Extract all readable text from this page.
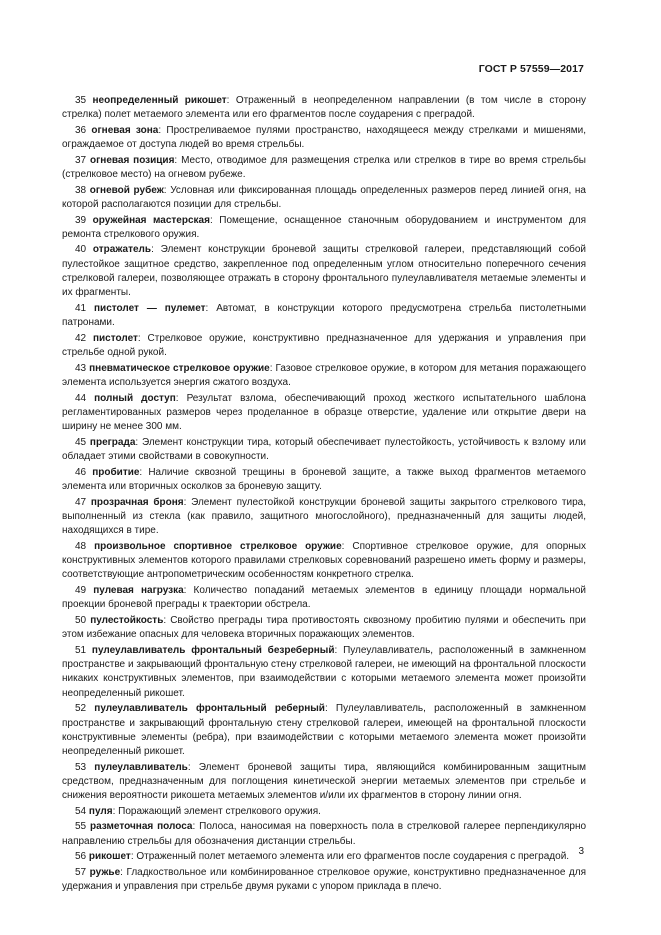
ГОСТ Р 57559—2017

35 неопределенный рикошет: Отраженный в неопределенном направлении (в том числе в сторону стрелка) полет метаемого элемента или его фрагментов после соударения с преградой.

36 огневая зона: Простреливаемое пулями пространство, находящееся между стрелками и мишенями, ограждаемое от доступа людей во время стрельбы.

37 огневая позиция: Место, отводимое для размещения стрелка или стрелков в тире во время стрельбы (стрелковое место) на огневом рубеже.

38 огневой рубеж: Условная или фиксированная площадь определенных размеров перед линией огня, на которой располагаются позиции для стрельбы.

39 оружейная мастерская: Помещение, оснащенное станочным оборудованием и инструментом для ремонта стрелкового оружия.

40 отражатель: Элемент конструкции броневой защиты стрелковой галереи, представляющий собой пулестойкое защитное средство, закрепленное под определенным углом относительно поперечного сечения стрелковой галереи, позволяющее отражать в сторону фронтального пулеулавливателя метаемые элементы и их фрагменты.

41 пистолет — пулемет: Автомат, в конструкции которого предусмотрена стрельба пистолетными патронами.

42 пистолет: Стрелковое оружие, конструктивно предназначенное для удержания и управления при стрельбе одной рукой.

43 пневматическое стрелковое оружие: Газовое стрелковое оружие, в котором для метания поражающего элемента используется энергия сжатого воздуха.

44 полный доступ: Результат взлома, обеспечивающий проход жесткого испытательного шаблона регламентированных размеров через проделанное в образце отверстие, удаление или открытие двери на ширину не менее 300 мм.

45 преграда: Элемент конструкции тира, который обеспечивает пулестойкость, устойчивость к взлому или обладает этими свойствами в совокупности.

46 пробитие: Наличие сквозной трещины в броневой защите, а также выход фрагментов метаемого элемента или вторичных осколков за броневую защиту.

47 прозрачная броня: Элемент пулестойкой конструкции броневой защиты закрытого стрелкового тира, выполненный из стекла (как правило, защитного многослойного), предназначенный для защиты людей, находящихся в тире.

48 произвольное спортивное стрелковое оружие: Спортивное стрелковое оружие, для опорных конструктивных элементов которого правилами стрелковых соревнований разрешено иметь форму и размеры, соответствующие антропометрическим особенностям конкретного стрелка.

49 пулевая нагрузка: Количество попаданий метаемых элементов в единицу площади нормальной проекции броневой преграды к траектории обстрела.

50 пулестойкость: Свойство преграды тира противостоять сквозному пробитию пулями и обеспечить при этом избежание опасных для человека вторичных поражающих элементов.

51 пулеулавливатель фронтальный безреберный: Пулеулавливатель, расположенный в замкненном пространстве и закрывающий фронтальную стену стрелковой галереи, не имеющий на фронтальной плоскости никаких конструктивных элементов, при взаимодействии с которыми метаемого элемента может произойти неопределенный рикошет.

52 пулеулавливатель фронтальный реберный: Пулеулавливатель, расположенный в замкненном пространстве и закрывающий фронтальную стену стрелковой галереи, имеющей на фронтальной плоскости конструктивные элементы (ребра), при взаимодействии с которыми метаемого элемента может произойти неопределенный рикошет.

53 пулеулавливатель: Элемент броневой защиты тира, являющийся комбинированным защитным средством, предназначенным для поглощения кинетической энергии метаемых элементов при стрельбе и снижения вероятности рикошета метаемых элементов и/или их фрагментов в сторону линии огня.

54 пуля: Поражающий элемент стрелкового оружия.

55 разметочная полоса: Полоса, наносимая на поверхность пола в стрелковой галерее перпендикулярно направлению стрельбы для обозначения дистанции стрельбы.

56 рикошет: Отраженный полет метаемого элемента или его фрагментов после соударения с преградой.

57 ружье: Гладкоствольное или комбинированное стрелковое оружие, конструктивно предназначенное для удержания и управления при стрельбе двумя руками с упором приклада в плечо.

3
